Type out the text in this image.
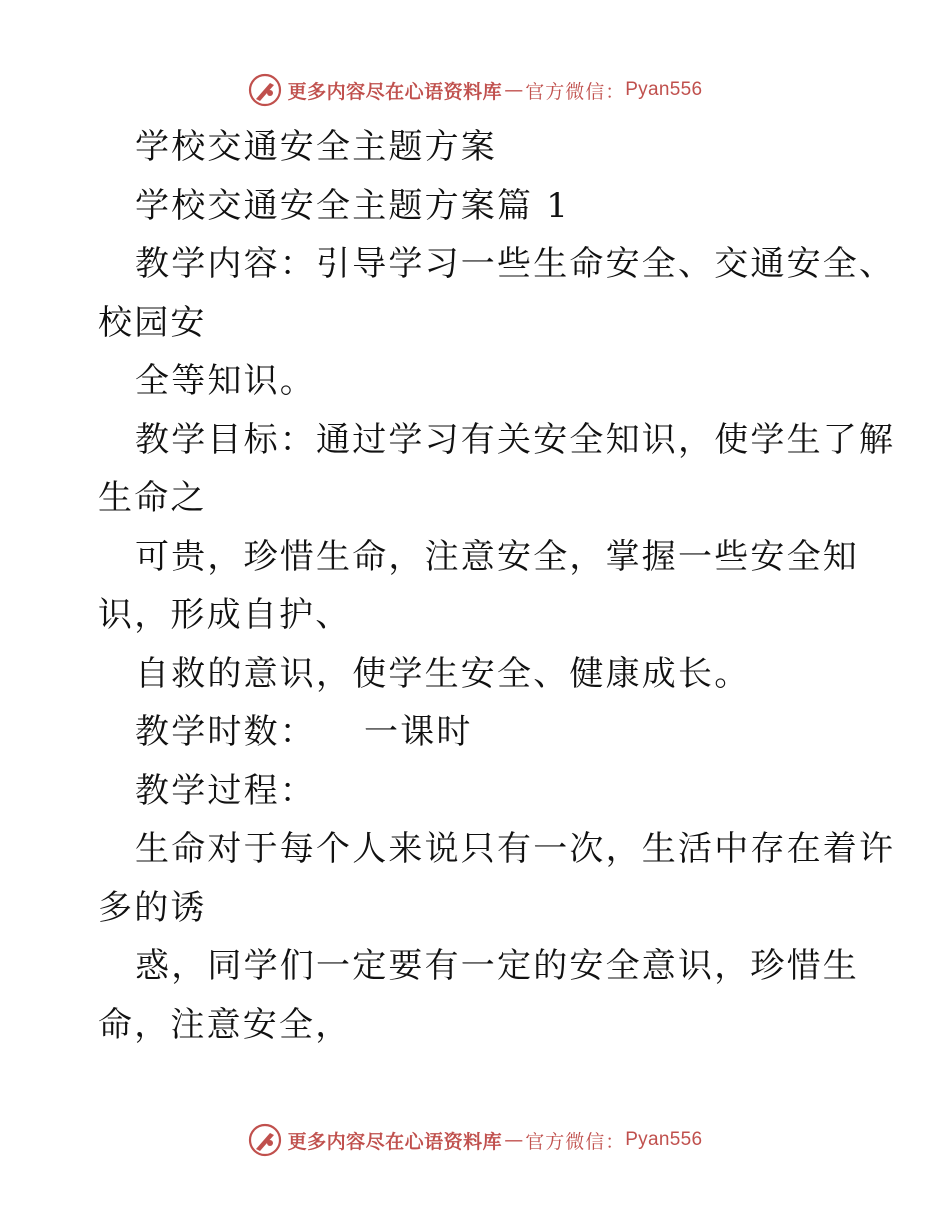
更多内容尽在心语资料库 — 官方微信： Pyan556
学校交通安全主题方案
学校交通安全主题方案篇 1
教学内容：引导学习一些生命安全、交通安全、
校园安
全等知识。
教学目标：通过学习有关安全知识，使学生了解
生命之
可贵，珍惜生命，注意安全，掌握一些安全知
识，形成自护、
自救的意识，使学生安全、健康成长。
教学时数： 一课时
教学过程：
生命对于每个人来说只有一次，生活中存在着许
多的诱
惑，同学们一定要有一定的安全意识，珍惜生
命，注意安全，
更多内容尽在心语资料库 — 官方微信： Pyan556
